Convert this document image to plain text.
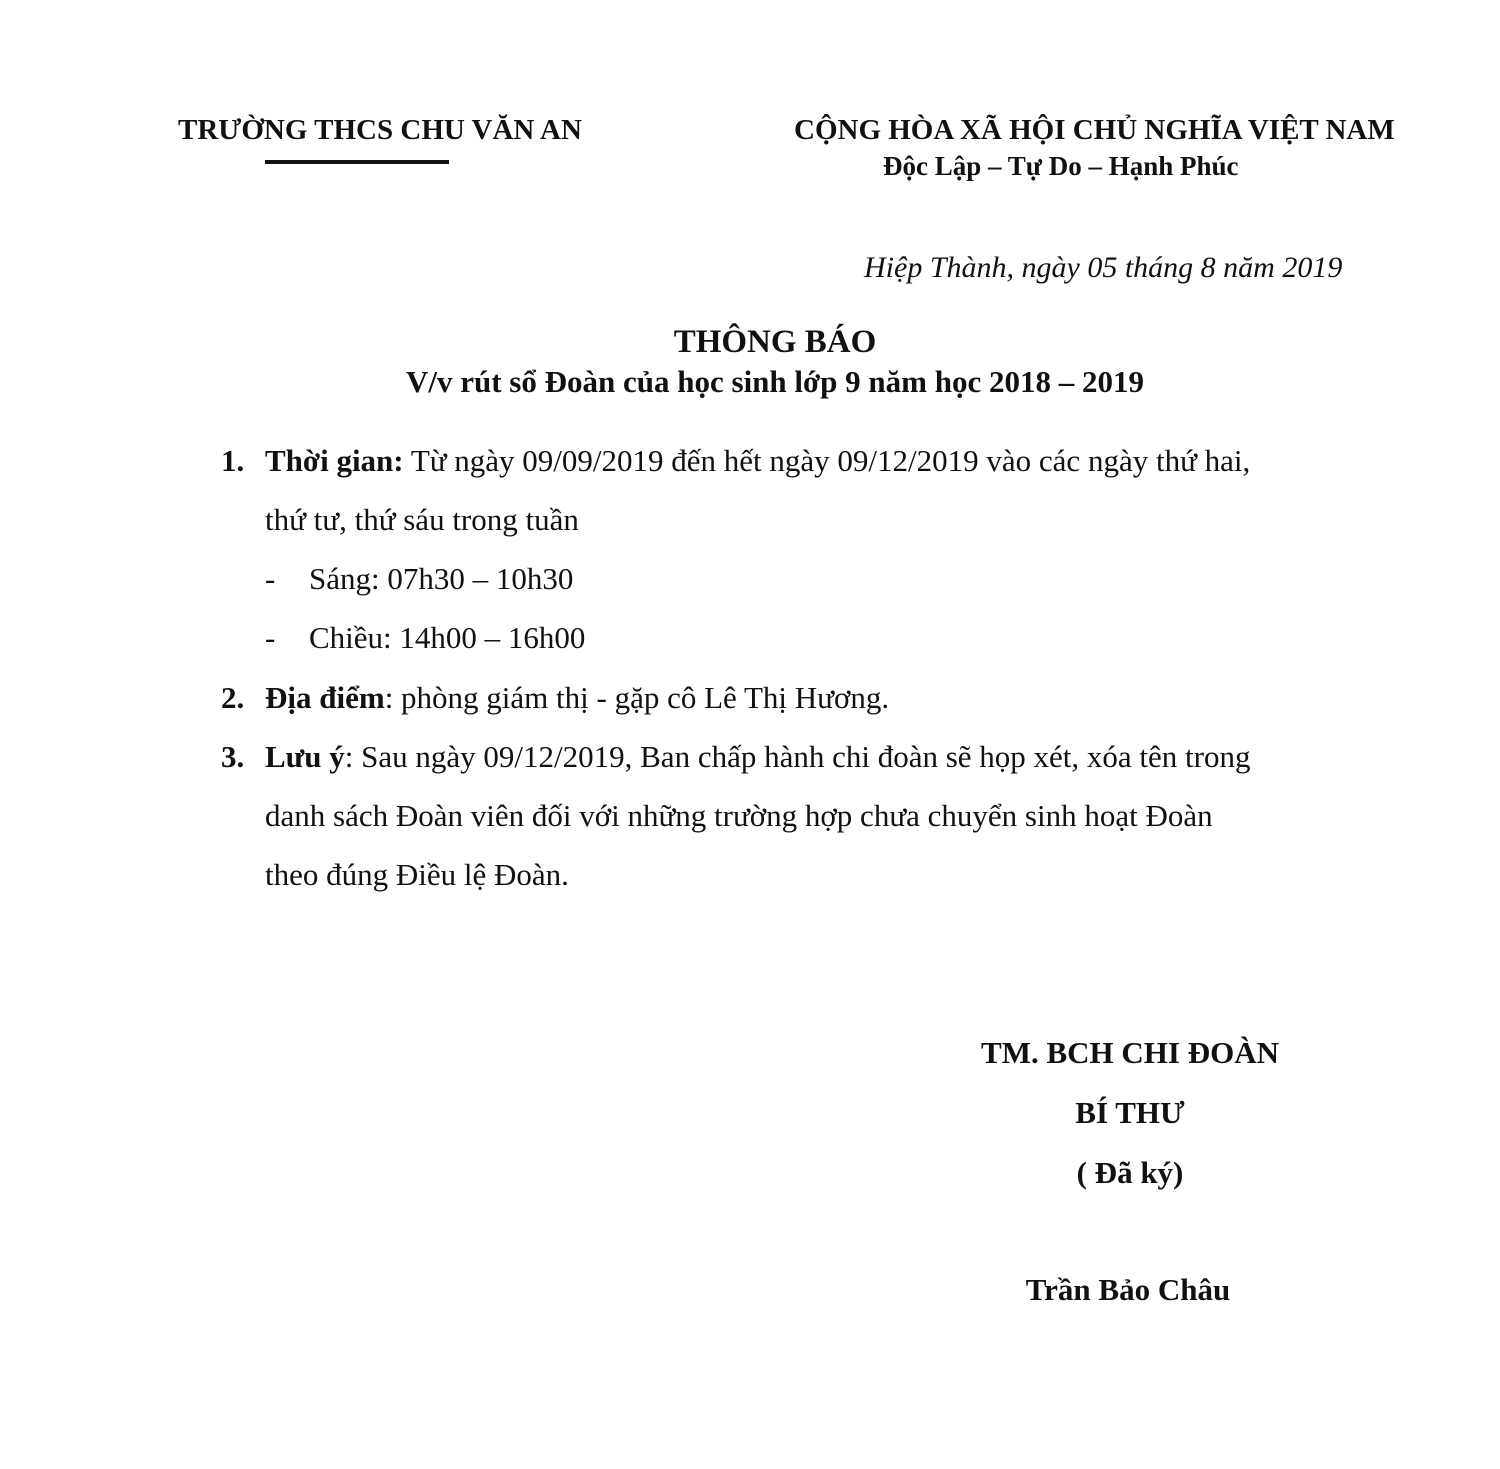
TRƯỜNG THCS CHU VĂN AN	CỘNG HÒA XÃ HỘI CHỦ NGHĨA VIỆT NAM
Độc Lập – Tự Do – Hạnh Phúc
Hiệp Thành, ngày 05 tháng 8 năm 2019
THÔNG BÁO
V/v rút sổ Đoàn của học sinh lớp 9 năm học 2018 – 2019
1. Thời gian: Từ ngày 09/09/2019 đến hết ngày 09/12/2019 vào các ngày thứ hai,
thứ tư, thứ sáu trong tuần
- Sáng: 07h30 – 10h30
- Chiều: 14h00 – 16h00
2. Địa điểm: phòng giám thị - gặp cô Lê Thị Hương.
3. Lưu ý: Sau ngày 09/12/2019, Ban chấp hành chi đoàn sẽ họp xét, xóa tên trong
danh sách Đoàn viên đối với những trường hợp chưa chuyển sinh hoạt Đoàn
theo đúng Điều lệ Đoàn.
TM. BCH CHI ĐOÀN
BÍ THƯ
( Đã ký)
Trần Bảo Châu
